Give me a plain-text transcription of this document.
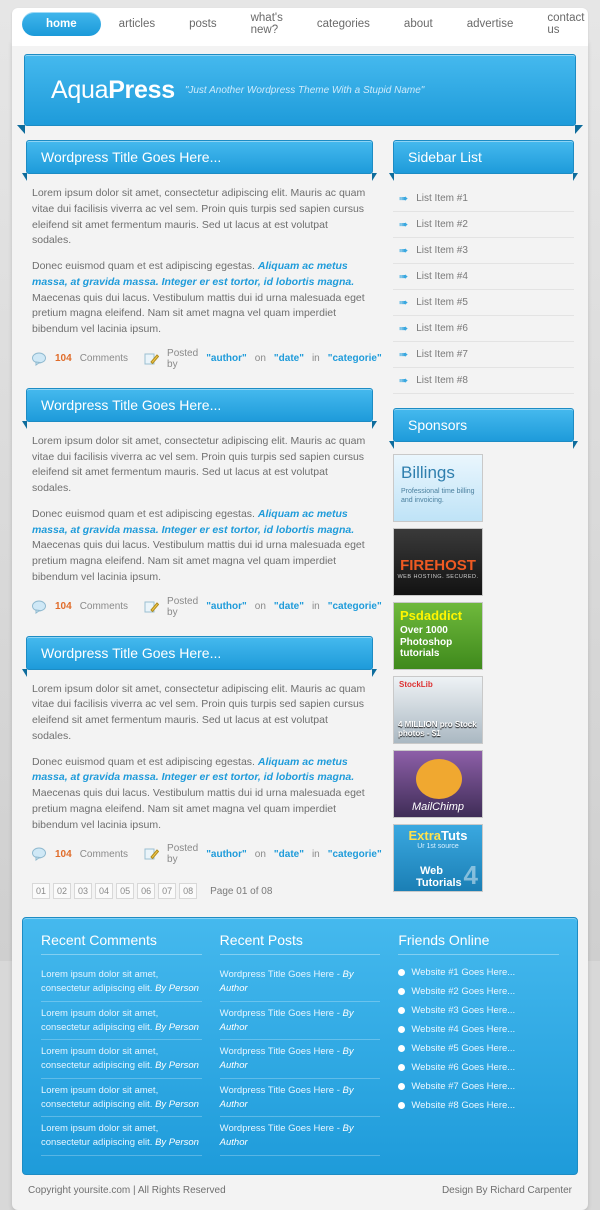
home	articles	posts	what's new?	categories	about	advertise	contact us
AquaPress "Just Another Wordpress Theme With a Stupid Name"
Wordpress Title Goes Here...

Lorem ipsum dolor sit amet, consectetur adipiscing elit. Mauris ac quam vitae dui facilisis viverra ac vel sem. Proin quis turpis sed sapien cursus eleifend sit amet fermentum mauris. Sed ut lacus at est volutpat sodales.

Donec euismod quam et est adipiscing egestas. Aliquam ac metus massa, at gravida massa. Integer er est tortor, id lobortis magna. Maecenas quis dui lacus. Vestibulum mattis dui id urna malesuada eget pretium magna eleifend. Nam sit amet magna vel quam imperdiet bibendum vel lacinia ipsum.

104 Comments	Posted by	"author" on "date" in "categorie"
Wordpress Title Goes Here...

Lorem ipsum dolor sit amet, consectetur adipiscing elit. Mauris ac quam vitae dui facilisis viverra ac vel sem. Proin quis turpis sed sapien cursus eleifend sit amet fermentum mauris. Sed ut lacus at est volutpat sodales.

Donec euismod quam et est adipiscing egestas. Aliquam ac metus massa, at gravida massa. Integer er est tortor, id lobortis magna. Maecenas quis dui lacus. Vestibulum mattis dui id urna malesuada eget pretium magna eleifend. Nam sit amet magna vel quam imperdiet bibendum vel lacinia ipsum.

104 Comments	Posted by	"author" on "date" in "categorie"
Wordpress Title Goes Here...

Lorem ipsum dolor sit amet, consectetur adipiscing elit. Mauris ac quam vitae dui facilisis viverra ac vel sem. Proin quis turpis sed sapien cursus eleifend sit amet fermentum mauris. Sed ut lacus at est volutpat sodales.

Donec euismod quam et est adipiscing egestas. Aliquam ac metus massa, at gravida massa. Integer er est tortor, id lobortis magna. Maecenas quis dui lacus. Vestibulum mattis dui id urna malesuada eget pretium magna eleifend. Nam sit amet magna vel quam imperdiet bibendum vel lacinia ipsum.

104 Comments	Posted by	"author" on "date" in "categorie"
01	02	03	04	05	06	07	08	Page 01 of 08
Sidebar List
➠ List Item #1
➠ List Item #2
➠ List Item #3
➠ List Item #4
➠ List Item #5
➠ List Item #6
➠ List Item #7
➠ List Item #8
Sponsors
Billings
Professional time billing and invoicing.
FIREHOST
WEB HOSTING. SECURED.
Psdaddict
Over 1000 Photoshop tutorials
StockLib
4 MILLION pro Stock photos - $1
MailChimp
ExtraTuts
Ur 1st source
4
Web
Tutorials
Recent Comments
Lorem ipsum dolor sit amet, consectetur adipiscing elit. By Person
Lorem ipsum dolor sit amet, consectetur adipiscing elit. By Person
Lorem ipsum dolor sit amet, consectetur adipiscing elit. By Person
Lorem ipsum dolor sit amet, consectetur adipiscing elit. By Person
Lorem ipsum dolor sit amet, consectetur adipiscing elit. By Person
Recent Posts
Wordpress Title Goes Here - By Author
Wordpress Title Goes Here - By Author
Wordpress Title Goes Here - By Author
Wordpress Title Goes Here - By Author
Wordpress Title Goes Here - By Author
Friends Online
Website #1 Goes Here...
Website #2 Goes Here...
Website #3 Goes Here...
Website #4 Goes Here...
Website #5 Goes Here...
Website #6 Goes Here...
Website #7 Goes Here...
Website #8 Goes Here...
Copyright yoursite.com | All Rights Reserved	Design By Richard Carpenter
